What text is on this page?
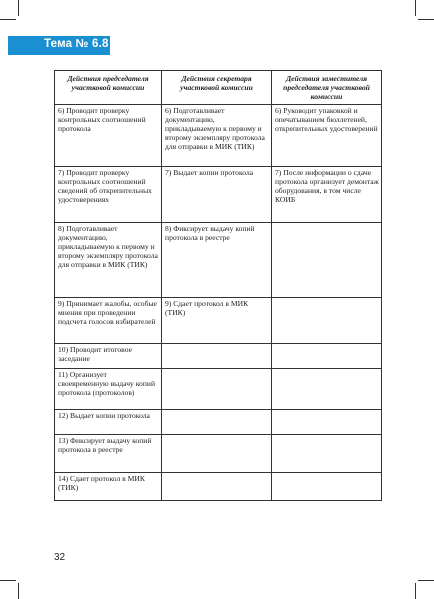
Тема № 6.8
Действия председателя участковой комиссии	Действия секретаря участковой комиссии	Действия заместителя председателя участковой комиссии
6) Проводит проверку контрольных соотношений протокола	6) Подготавливает документацию, прикладываемую к первому и второму экземпляру протокола для отправки в МИК (ТИК)	6) Руководит упаковкой и опечатыванием бюллетеней, открепительных удостоверений
7) Проводит проверку контрольных соотношений сведений об открепительных удостоверениях	7) Выдает копии протокола	7) После информации о сдаче протокола организует демонтаж оборудования, в том числе КОИБ
8) Подготавливает документацию, прикладываемую к первому и второму экземпляру протокола для отправки в МИК (ТИК)	8) Фиксирует выдачу копий протокола в реестре	
9) Принимает жалобы, особые мнения при проведении подсчета голосов избирателей	9) Сдает протокол в МИК (ТИК)	
10) Проводит итоговое заседание		
11) Организует своевременную выдачу копий протокола (протоколов)		
12) Выдает копии протокола		
13) Фиксирует выдачу копий протокола в реестре		
14) Сдает протокол в МИК (ТИК)		
32
